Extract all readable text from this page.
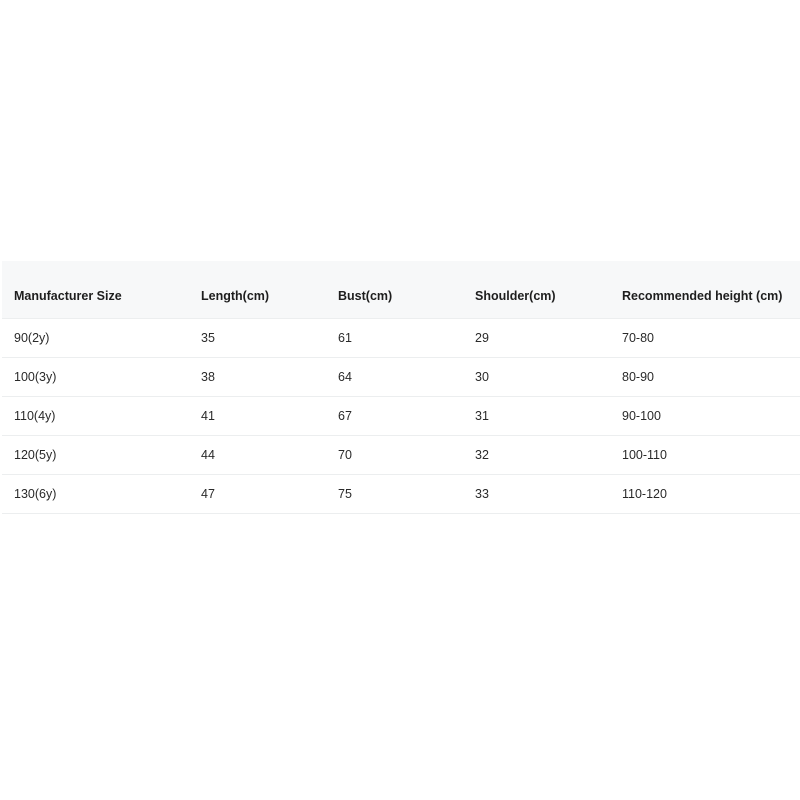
Manufacturer Size	Length(cm)	Bust(cm)	Shoulder(cm)	Recommended height (cm)
90(2y)	35	61	29	70-80
100(3y)	38	64	30	80-90
110(4y)	41	67	31	90-100
120(5y)	44	70	32	100-110
130(6y)	47	75	33	110-120
